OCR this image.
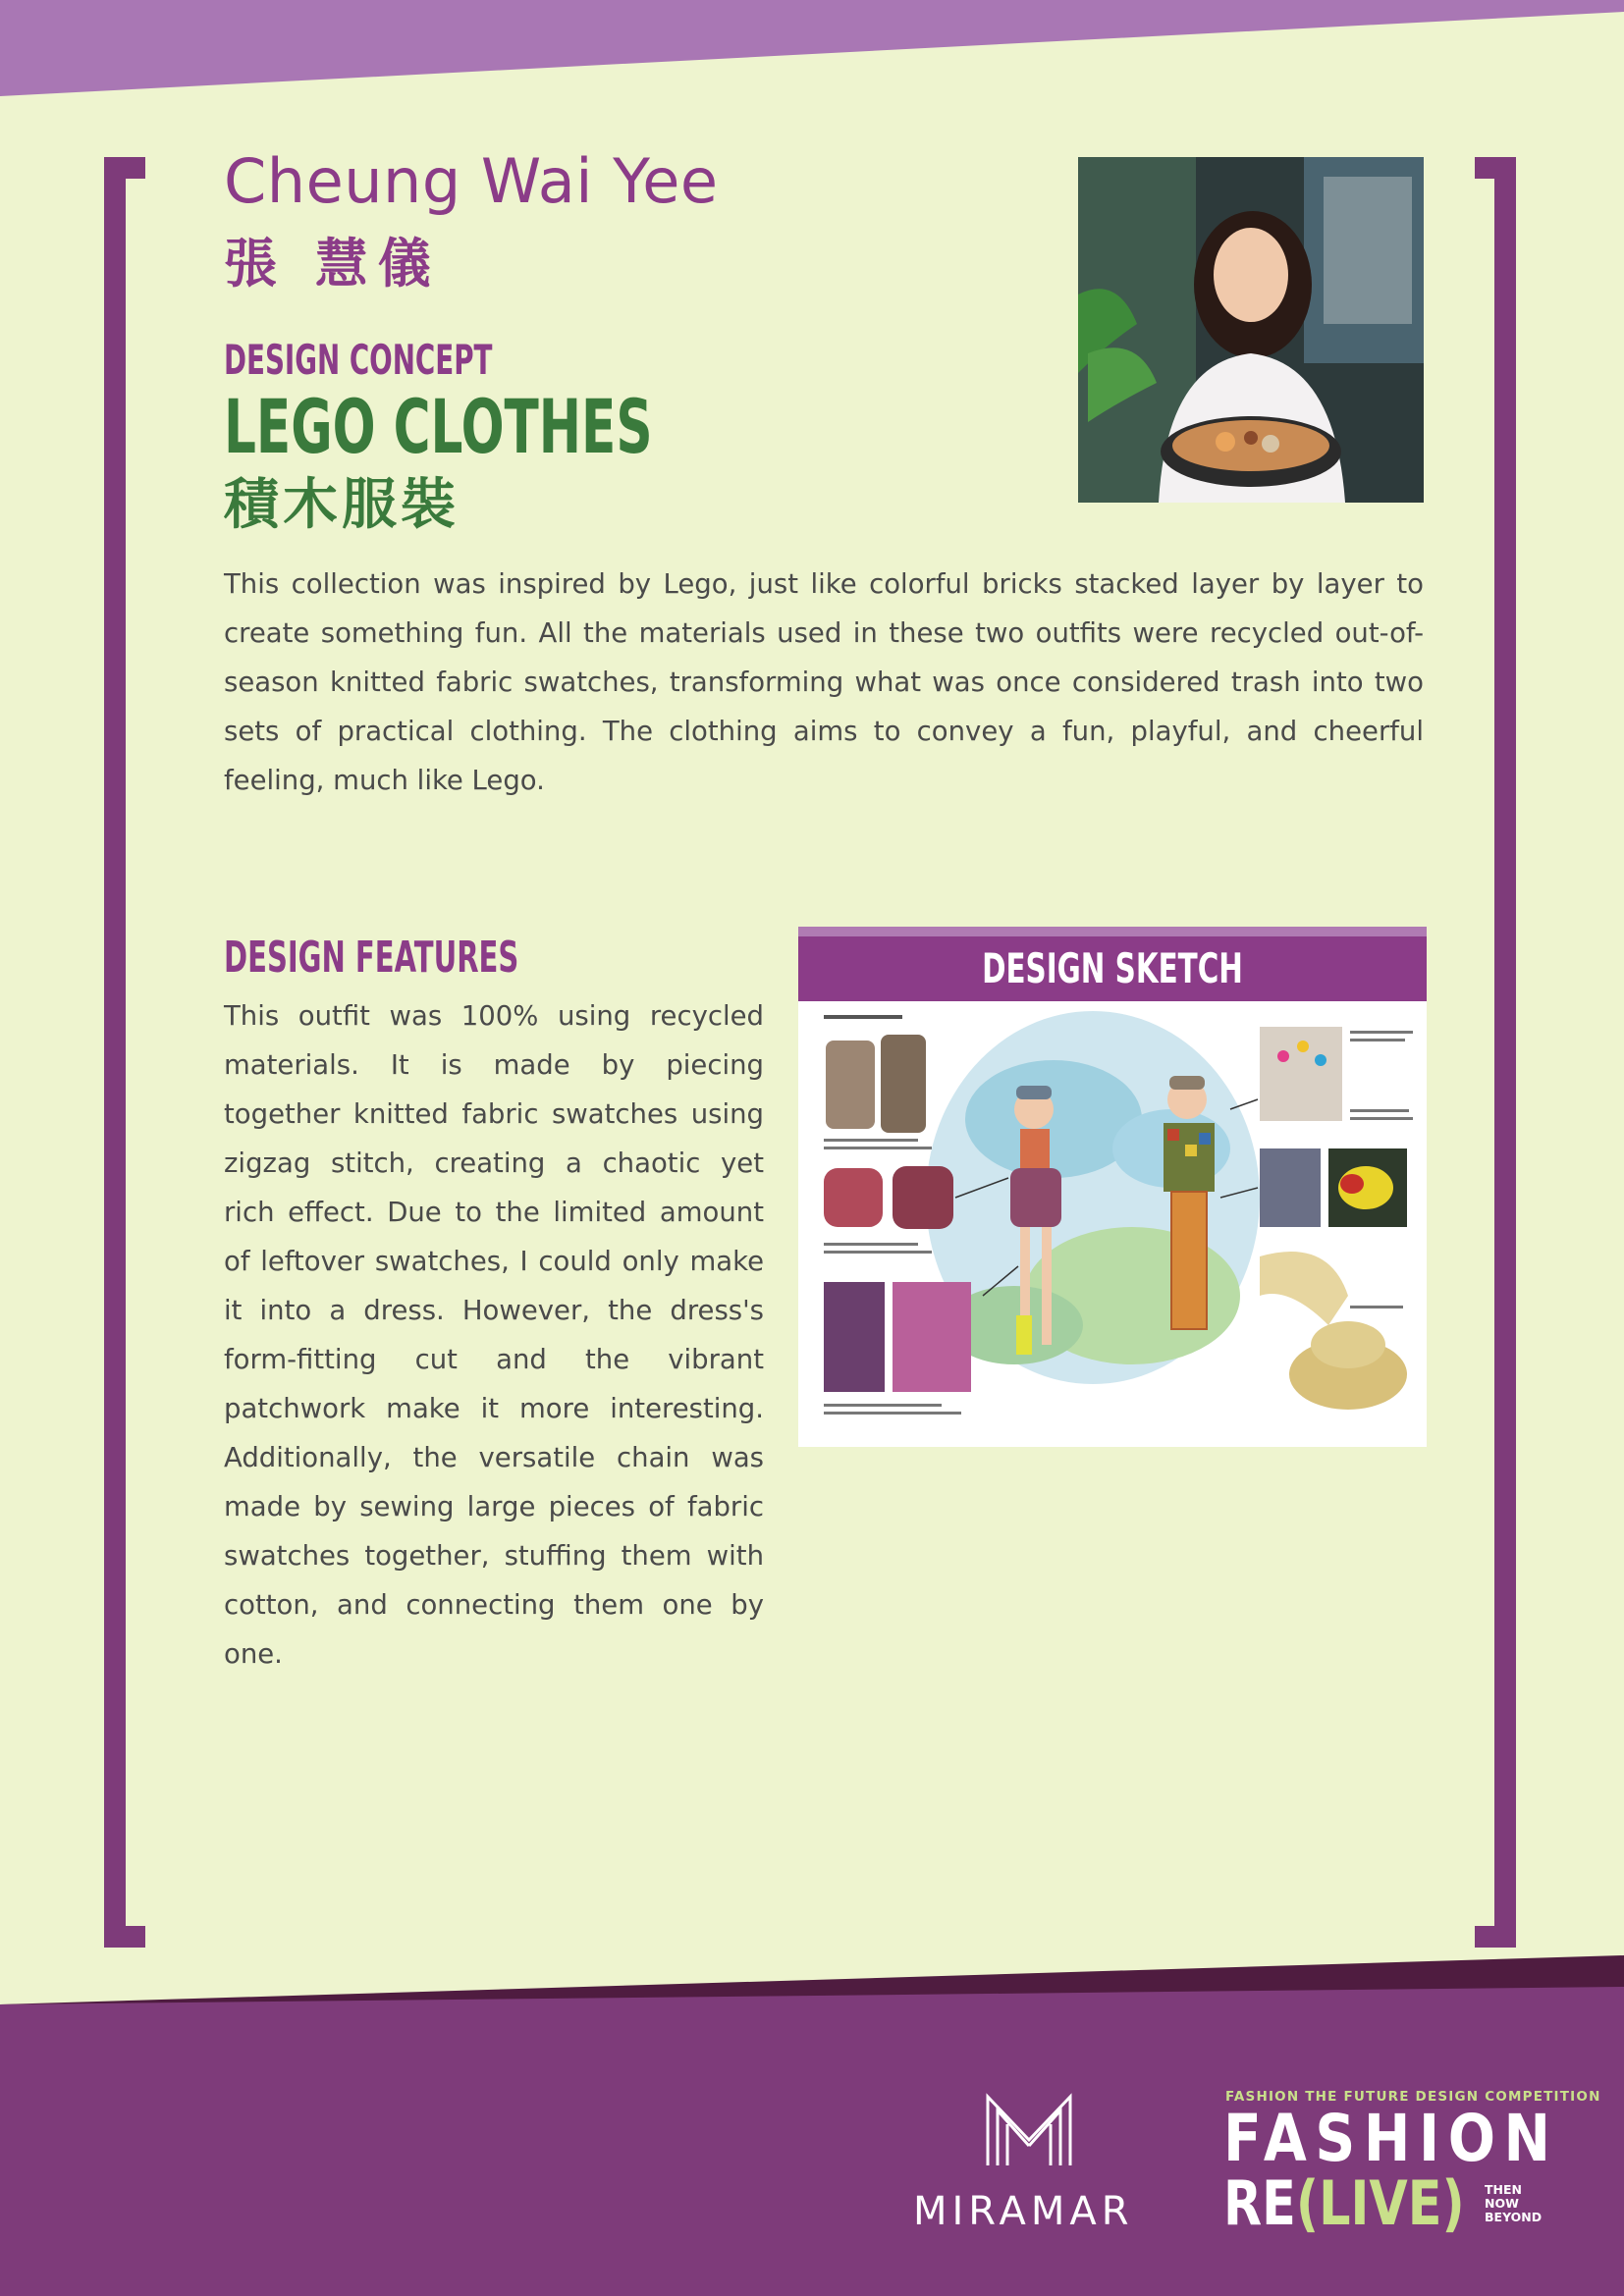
Cheung Wai Yee
張 慧儀
DESIGN CONCEPT
LEGO CLOTHES
積木服裝
This collection was inspired by Lego, just like colorful bricks stacked layer by layer to create something fun. All the materials used in these two outfits were recycled out-of-season knitted fabric swatches, transforming what was once considered trash into two sets of practical clothing. The clothing aims to convey a fun, playful, and cheerful feeling, much like Lego.
DESIGN FEATURES
This outfit was 100% using recycled materials. It is made by piecing together knitted fabric swatches using zigzag stitch, creating a chaotic yet rich effect. Due to the limited amount of leftover swatches, I could only make it into a dress. However, the dress's form-fitting cut and the vibrant patchwork make it more interesting. Additionally, the versatile chain was made by sewing large pieces of fabric swatches together, stuffing them with cotton, and connecting them one by one.
DESIGN SKETCH
MIRAMAR
FASHION THE FUTURE DESIGN COMPETITION
FASHION
RE(LIVE) THEN
NOW
BEYOND
